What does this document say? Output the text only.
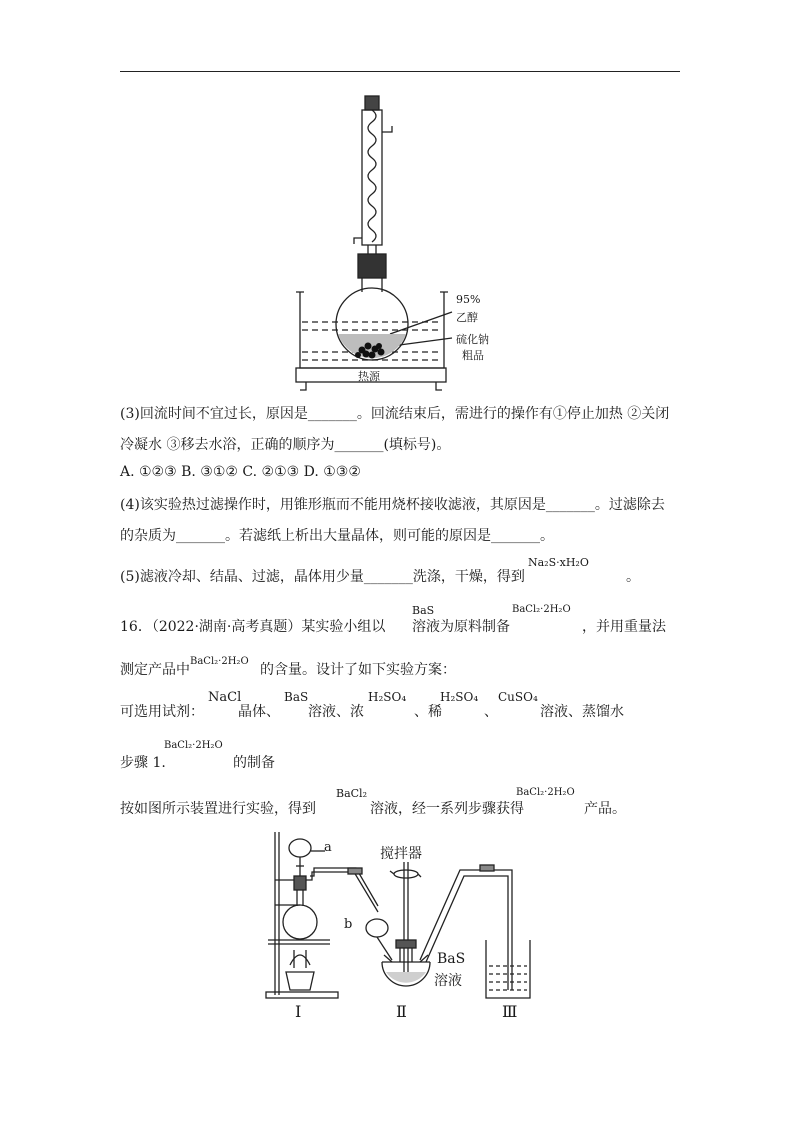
95%
乙醇
硫化钠
粗品
热源
(3)回流时间不宜过长，原因是_______。回流结束后，需进行的操作有①停止加热 ②关闭
冷凝水 ③移去水浴，正确的顺序为_______(填标号)。
A. ①②③ B. ③①② C. ②①③ D. ①③②
(4)该实验热过滤操作时，用锥形瓶而不能用烧杯接收滤液，其原因是_______。过滤除去
的杂质为_______。若滤纸上析出大量晶体，则可能的原因是_______。
(5)滤液冷却、结晶、过滤，晶体用少量_______洗涤，干燥，得到
Na₂S·xH₂O
。
16．（2022·湖南·高考真题）某实验小组以
BaS
溶液为原料制备
BaCl₂·2H₂O
，并用重量法
测定产品中
BaCl₂·2H₂O
的含量。设计了如下实验方案：
可选用试剂：
NaCl
晶体、
BaS
溶液、浓
H₂SO₄
、稀
H₂SO₄
、
CuSO₄
溶液、蒸馏水
步骤 1.
BaCl₂·2H₂O
的制备
按如图所示装置进行实验，得到
BaCl₂
溶液，经一系列步骤获得
BaCl₂·2H₂O
产品。
a
b
搅拌器
BaS
溶液
Ⅰ	Ⅱ	Ⅲ
